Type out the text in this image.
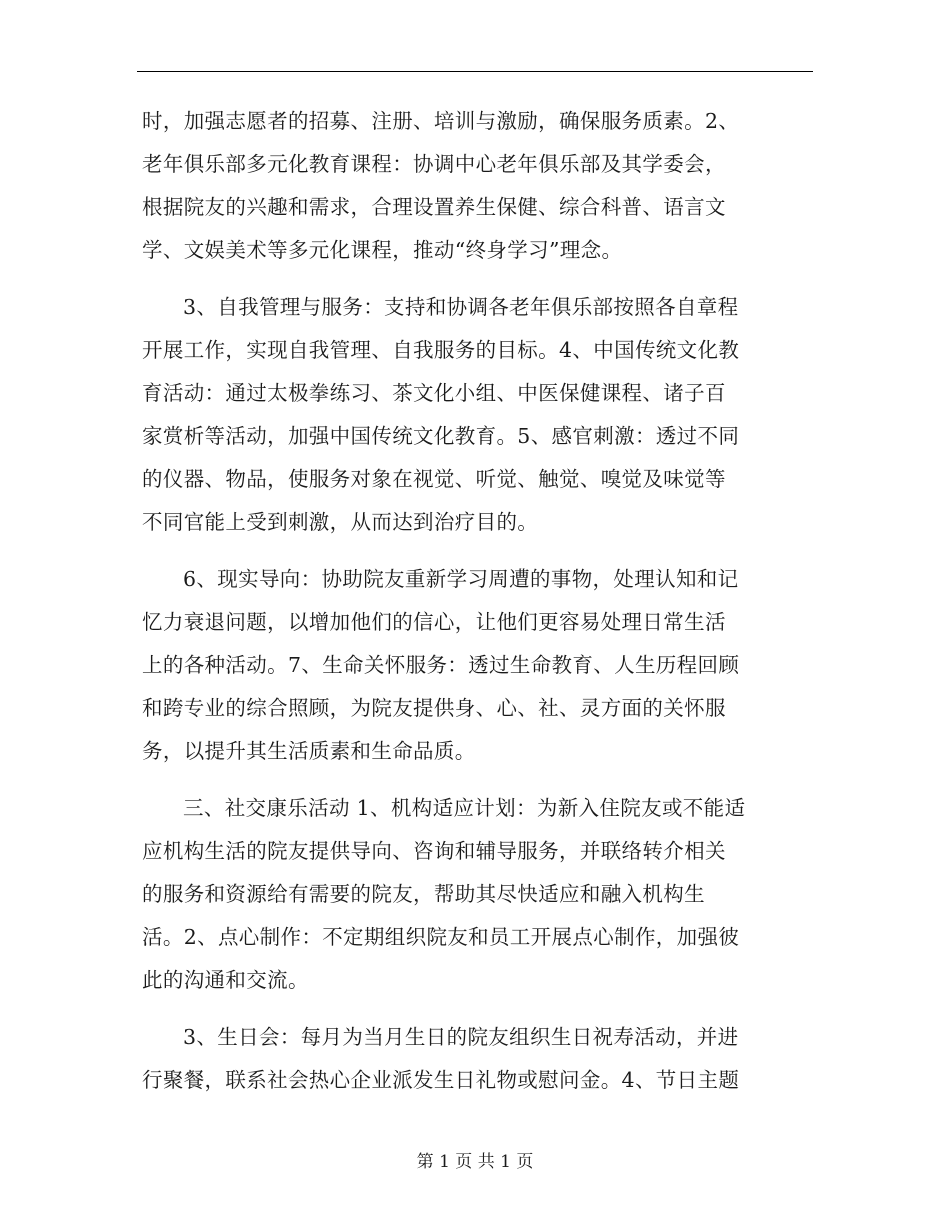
时，加强志愿者的招募、注册、培训与激励，确保服务质素。2、
老年俱乐部多元化教育课程：协调中心老年俱乐部及其学委会，
根据院友的兴趣和需求，合理设置养生保健、综合科普、语言文
学、文娱美术等多元化课程，推动“终身学习”理念。
3、自我管理与服务：支持和协调各老年俱乐部按照各自章程
开展工作，实现自我管理、自我服务的目标。4、中国传统文化教
育活动：通过太极拳练习、茶文化小组、中医保健课程、诸子百
家赏析等活动，加强中国传统文化教育。5、感官刺激：透过不同
的仪器、物品，使服务对象在视觉、听觉、触觉、嗅觉及味觉等
不同官能上受到刺激，从而达到治疗目的。
6、现实导向：协助院友重新学习周遭的事物，处理认知和记
忆力衰退问题，以增加他们的信心，让他们更容易处理日常生活
上的各种活动。7、生命关怀服务：透过生命教育、人生历程回顾
和跨专业的综合照顾，为院友提供身、心、社、灵方面的关怀服
务，以提升其生活质素和生命品质。
三、社交康乐活动 1、机构适应计划：为新入住院友或不能适
应机构生活的院友提供导向、咨询和辅导服务，并联络转介相关
的服务和资源给有需要的院友，帮助其尽快适应和融入机构生
活。2、点心制作：不定期组织院友和员工开展点心制作，加强彼
此的沟通和交流。
3、生日会：每月为当月生日的院友组织生日祝寿活动，并进
行聚餐，联系社会热心企业派发生日礼物或慰问金。4、节日主题
第 1 页 共 1 页
